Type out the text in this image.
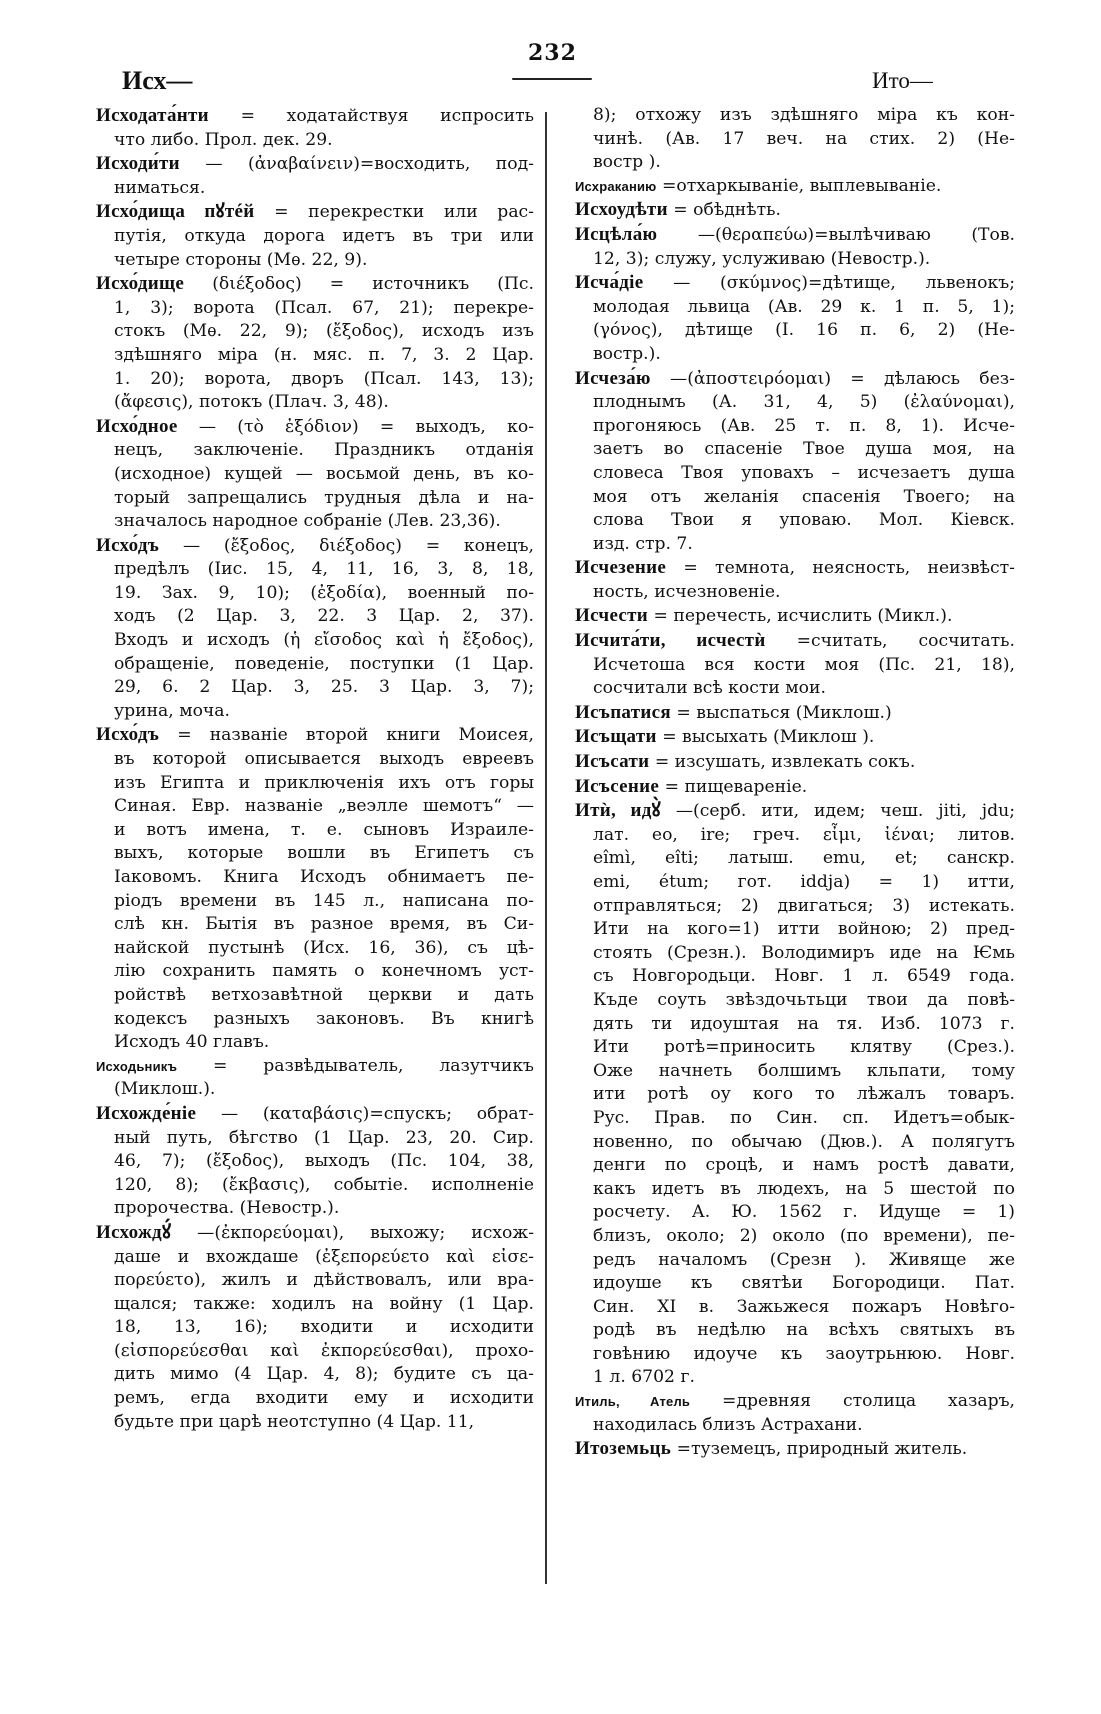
Исх—
232
Ито—
Исходата́нти = ходатайствуя испросить
что либо. Прол. дек. 29.
Исходи́ти — (ἀναβαίνειν)=восходить, под-
ниматься.
Исхо́дища пꙋтéй = перекрестки или рас-
путія, откуда дорога идетъ въ три или
четыре стороны (Мѳ. 22, 9).
Исхо́дище (διέξοδος) = источникъ (Пс.
1, 3); ворота (Псал. 67, 21); перекре-
стокъ (Мѳ. 22, 9); (ἔξοδος), исходъ изъ
здѣшняго міра (н. мяс. п. 7, 3. 2 Цар.
1. 20); ворота, дворъ (Псал. 143, 13);
(ἄφεσις), потокъ (Плач. 3, 48).
Исхо́дное — (τὸ ἐξόδιον) = выходъ, ко-
нецъ, заключеніе. Праздникъ отданія
(исходное) кущей — восьмой день, въ ко-
торый запрещались трудныя дѣла и на-
значалось народное собраніе (Лев. 23,36).
Исхо́дъ — (ἔξοδος, διέξοδος) = конецъ,
предѣлъ (Іис. 15, 4, 11, 16, 3, 8, 18,
19. Зах. 9, 10); (ἐξοδία), военный по-
ходъ (2 Цар. 3, 22. 3 Цар. 2, 37).
Входъ и исходъ (ἡ εἴσοδος καὶ ἡ ἔξοδος),
обращеніе, поведеніе, поступки (1 Цар.
29, 6. 2 Цар. 3, 25. 3 Цар. 3, 7);
урина, моча.
Исхо́дъ = названіе второй книги Моисея,
въ которой описывается выходъ евреевъ
изъ Египта и приключенія ихъ отъ горы
Синая. Евр. названіе „веэлле шемотъ“ —
и вотъ имена, т. е. сыновъ Израиле-
выхъ, которые вошли въ Египетъ съ
Іаковомъ. Книга Исходъ обнимаетъ пе-
ріодъ времени въ 145 л., написана по-
слѣ кн. Бытія въ разное время, въ Си-
найской пустынѣ (Исх. 16, 36), съ цѣ-
лію сохранить память о конечномъ уст-
ройствѣ ветхозавѣтной церкви и дать
кодексъ разныхъ законовъ. Въ книгѣ
Исходъ 40 главъ.
Исходьникъ = развѣдыватель, лазутчикъ
(Миклош.).
Исхожде́ніе — (καταβάσις)=спускъ; обрат-
ный путь, бѣгство (1 Цар. 23, 20. Сир.
46, 7); (ἔξοδος), выходъ (Пс. 104, 38,
120, 8); (ἔκβασις), событіе. исполненіе
пророчества. (Невостр.).
Исхождꙋ́ —(ἐκπορεύομαι), выхожу; исхож-
даше и вхождаше (ἐξεπορεύετο καὶ εἰσε-
πορεύετο), жилъ и дѣйствовалъ, или вра-
щался; также: ходилъ на войну (1 Цар.
18, 13, 16); входити и исходити
(εἰσπορεύεσθαι καὶ ἐκπορεύεσθαι), прохо-
дить мимо (4 Цар. 4, 8); будите съ ца-
ремъ, егда входити ему и исходити
будьте при царѣ неотступно (4 Цар. 11,
8); отхожу изъ здѣшняго міра къ кон-
чинѣ. (Ав. 17 веч. на стих. 2) (Не-
востр ).
Исхраканию =отхаркываніе, выплевываніе.
Исхоудѣти = обѣднѣть.
Исцѣла́ю —(θεραπεύω)=вылѣчиваю (Тов.
12, 3); служу, услуживаю (Невостр.).
Исча́діе — (σκύμνος)=дѣтище, львенокъ;
молодая львица (Ав. 29 к. 1 п. 5, 1);
(γόνος), дѣтище (І. 16 п. 6, 2) (Не-
востр.).
Исчеза́ю —(ἀποστειρόομαι) = дѣлаюсь без-
плоднымъ (А. 31, 4, 5) (ἐλαύνομαι),
прогоняюсь (Ав. 25 т. п. 8, 1). Исче-
заетъ во спасеніе Твое душа моя, на
словеса Твоя уповахъ – исчезаетъ душа
моя отъ желанія спасенія Твоего; на
слова Твои я уповаю. Мол. Кіевск.
изд. стр. 7.
Исчезение = темнота, неясность, неизвѣст-
ность, исчезновеніе.
Исчести = перечесть, исчислить (Микл.).
Исчита́ти, исчестѝ =считать, сосчитать.
Исчетоша вся кости моя (Пс. 21, 18),
сосчитали всѣ кости мои.
Исъпатися = выспаться (Миклош.)
Исъщати = высыхать (Миклош ).
Исъсати = изсушать, извлекать сокъ.
Исъсение = пищевареніе.
Итѝ, идꙋ̀ —(серб. ити, идем; чеш. jiti, jdu;
лат. eo, ire; греч. εἶμι, ἰέναι; литов.
eîmì, eîti; латыш. emu, et; санскр.
emi, étum; гот. iddja) = 1) итти,
отправляться; 2) двигаться; 3) истекать.
Ити на кого=1) итти войною; 2) пред-
стоять (Срезн.). Володимиръ иде на Ѥмь
съ Новгородьци. Новг. 1 л. 6549 года.
Къде соуть звѣздочьтьци твои да повѣ-
дять ти идоуштая на тя. Изб. 1073 г.
Ити ротѣ=приносить клятву (Срез.).
Оже начнеть болшимъ кльпати, тому
ити ротѣ оу кого то лѣжалъ товаръ.
Рус. Прав. по Син. сп. Идетъ=обык-
новенно, по обычаю (Дюв.). А полягутъ
денги по сроцѣ, и намъ ростѣ давати,
какъ идетъ въ людехъ, на 5 шестой по
росчету. А. Ю. 1562 г. Идуще = 1)
близъ, около; 2) около (по времени), пе-
редъ началомъ (Срезн ). Живяще же
идоуше къ святѣи Богородици. Пат.
Син. XI в. Зажьжеся пожаръ Новѣго-
родѣ въ недѣлю на всѣхъ святыхъ въ
говѣнию идоуче къ заоутрьнюю. Новг.
1 л. 6702 г.
Итиль, Атель =древняя столица хазаръ,
находилась близъ Астрахани.
Итоземьць =туземецъ, природный житель.
